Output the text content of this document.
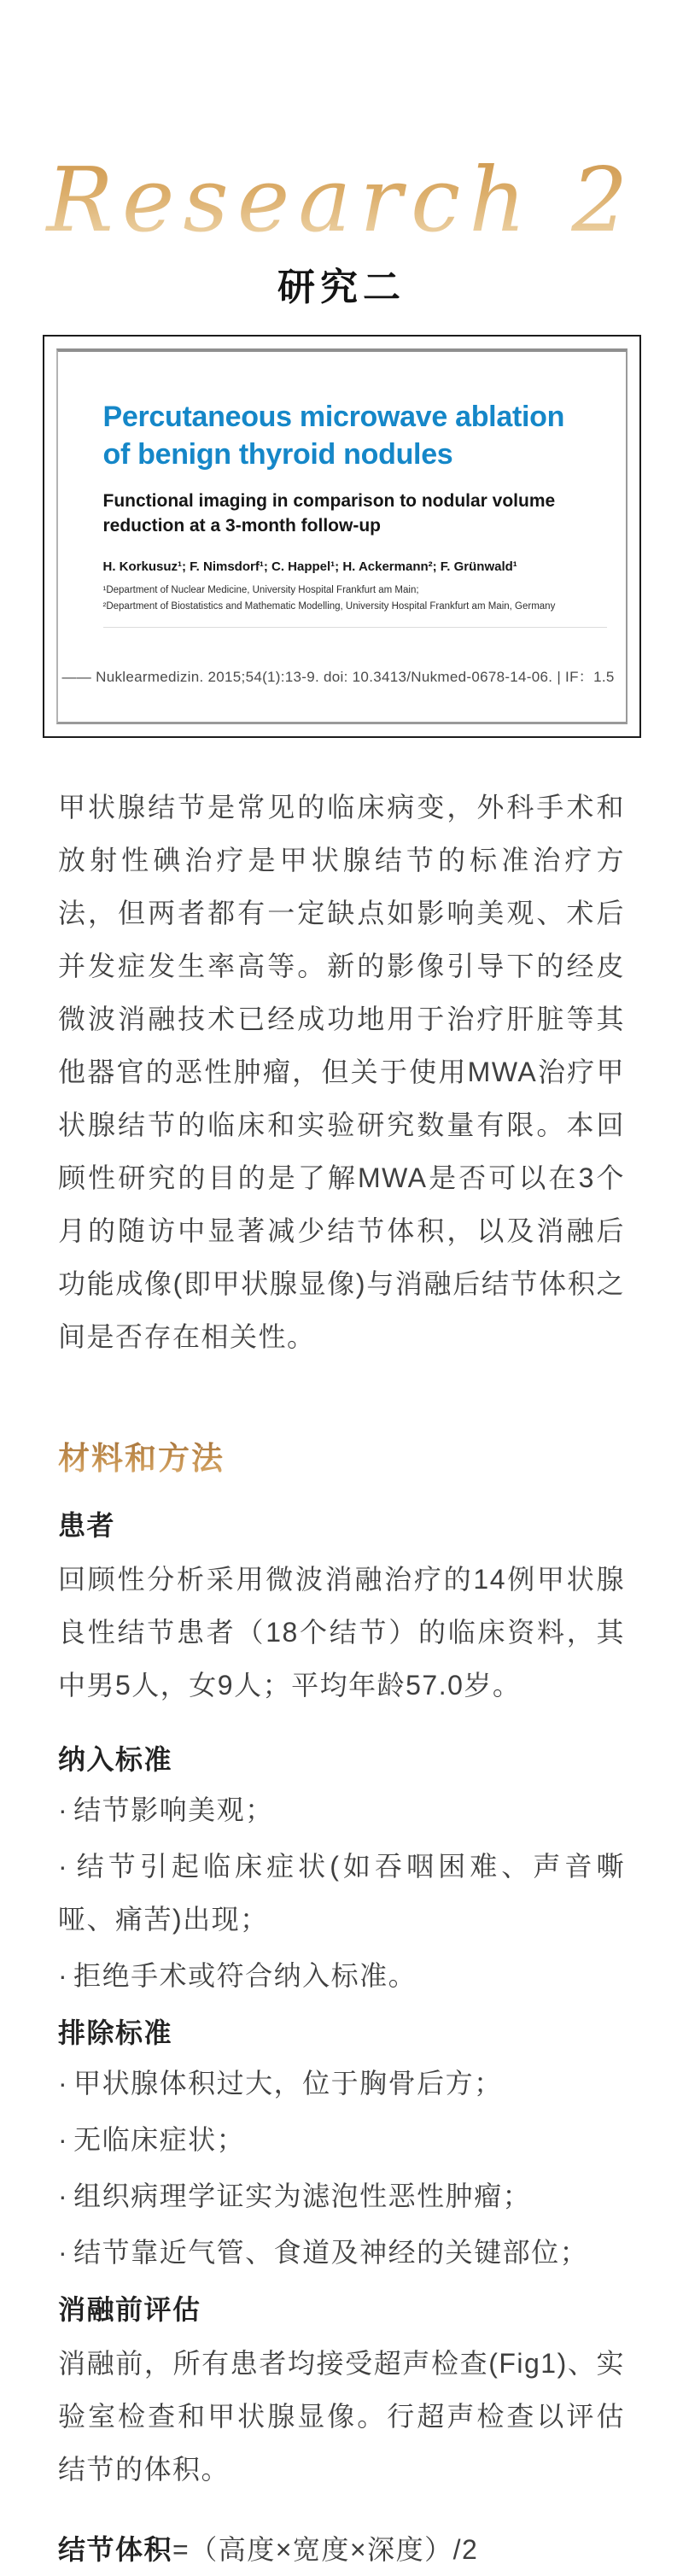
Research 2
研究二
Percutaneous microwave ablation
of benign thyroid nodules
Functional imaging in comparison to nodular volume
reduction at a 3-month follow-up
H. Korkusuz¹; F. Nimsdorf¹; C. Happel¹; H. Ackermann²; F. Grünwald¹
¹Department of Nuclear Medicine, University Hospital Frankfurt am Main;
²Department of Biostatistics and Mathematic Modelling, University Hospital Frankfurt am Main, Germany
—— Nuklearmedizin. 2015;54(1):13-9. doi: 10.3413/Nukmed-0678-14-06. | IF：1.5

甲状腺结节是常见的临床病变，外科手术和放射性碘治疗是甲状腺结节的标准治疗方法，但两者都有一定缺点如影响美观、术后并发症发生率高等。新的影像引导下的经皮微波消融技术已经成功地用于治疗肝脏等其他器官的恶性肿瘤，但关于使用MWA治疗甲状腺结节的临床和实验研究数量有限。本回顾性研究的目的是了解MWA是否可以在3个月的随访中显著减少结节体积，以及消融后功能成像(即甲状腺显像)与消融后结节体积之间是否存在相关性。

材料和方法
患者

回顾性分析采用微波消融治疗的14例甲状腺良性结节患者（18个结节）的临床资料，其中男5人，女9人；平均年龄57.0岁。

纳入标准
· 结节影响美观；
· 结节引起临床症状(如吞咽困难、声音嘶哑、痛苦)出现；
· 拒绝手术或符合纳入标准。
排除标准
· 甲状腺体积过大，位于胸骨后方；
· 无临床症状；
· 组织病理学证实为滤泡性恶性肿瘤；
· 结节靠近气管、食道及神经的关键部位；
消融前评估

消融前，所有患者均接受超声检查(Fig1)、实验室检查和甲状腺显像。行超声检查以评估结节的体积。

结节体积=（高度×宽度×深度）/2
